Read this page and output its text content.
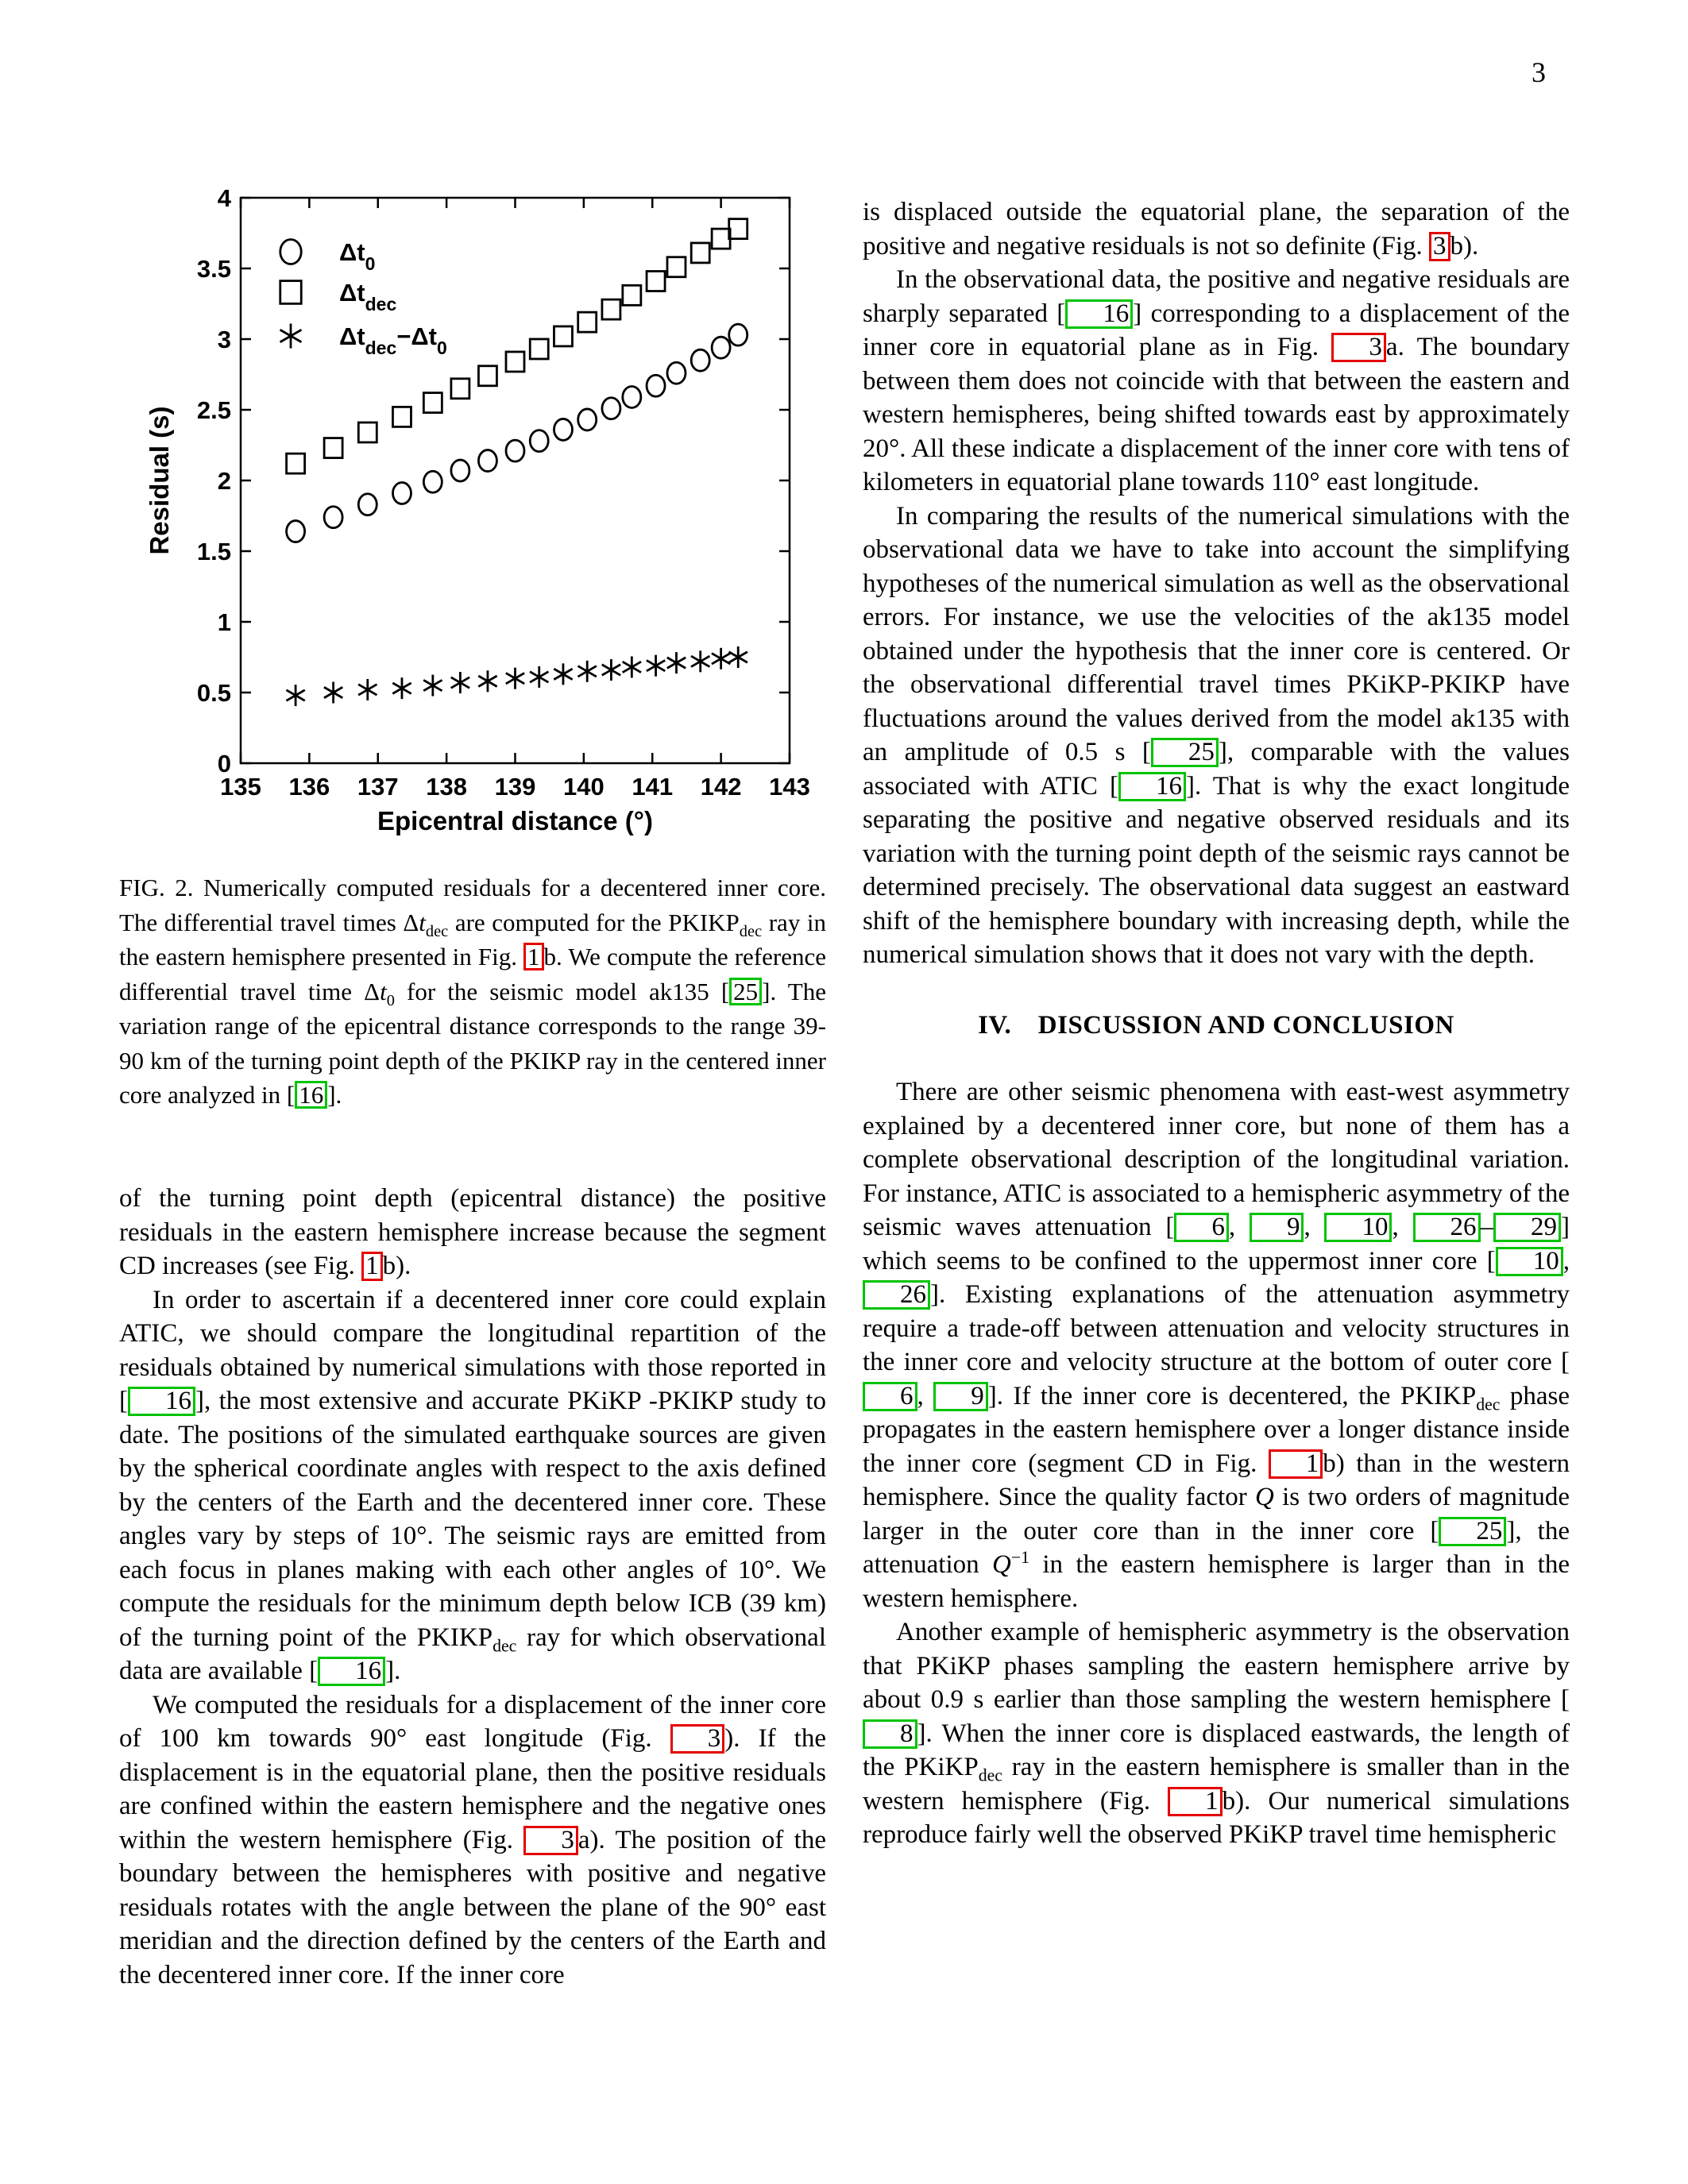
3
135 136 137 138 139 140 141 142 143
0
0.5
1
1.5
2
2.5
3
3.5
4
Epicentral distance (°)
Residual (s)
$\Delta t_0$
$\Delta t_{dec}$
$\Delta t_{dec}-\Delta t_0$
FIG. 2. Numerically computed residuals for a decentered inner core. The differential travel times $\Delta t_{dec}$ are computed for the $PKIKP_{dec}$ ray in the eastern hemisphere presented in Fig. 1 b. We compute the reference differential travel time $\Delta t_0$ for the seismic model ak135 [ 25 ]. The variation range of the epicentral distance corresponds to the range 39-90 km of the turning point depth of the PKIKP ray in the centered inner core analyzed in [ 16 ].

of the turning point depth (epicentral distance) the positive residuals in the eastern hemisphere increase because the segment CD increases (see Fig. 1 b).

In order to ascertain if a decentered inner core could explain ATIC, we should compare the longitudinal repartition of the residuals obtained by numerical simulations with those reported in [ 16 ], the most extensive and accurate PKiKP -PKIKP study to date. The positions of the simulated earthquake sources are given by the spherical coordinate angles with respect to the axis defined by the centers of the Earth and the decentered inner core. These angles vary by steps of 10°. The seismic rays are emitted from each focus in planes making with each other angles of 10°. We compute the residuals for the minimum depth below ICB (39 km) of the turning point of the $PKIKP_{dec}$ ray for which observational data are available [ 16 ].

We computed the residuals for a displacement of the inner core of 100 km towards 90° east longitude (Fig. 3 ). If the displacement is in the equatorial plane, then the positive residuals are confined within the eastern hemisphere and the negative ones within the western hemisphere (Fig. 3 a). The position of the boundary between the hemispheres with positive and negative residuals rotates with the angle between the plane of the 90° east meridian and the direction defined by the centers of the Earth and the decentered inner core. If the inner core

is displaced outside the equatorial plane, the separation of the positive and negative residuals is not so definite (Fig. 3 b).

In the observational data, the positive and negative residuals are sharply separated [ 16 ] corresponding to a displacement of the inner core in equatorial plane as in Fig. 3 a. The boundary between them does not coincide with that between the eastern and western hemispheres, being shifted towards east by approximately 20°. All these indicate a displacement of the inner core with tens of kilometers in equatorial plane towards 110° east longitude.

In comparing the results of the numerical simulations with the observational data we have to take into account the simplifying hypotheses of the numerical simulation as well as the observational errors. For instance, we use the velocities of the ak135 model obtained under the hypothesis that the inner core is centered. Or the observational differential travel times PKiKP-PKIKP have fluctuations around the values derived from the model ak135 with an amplitude of 0.5 s [ 25 ], comparable with the values associated with ATIC [ 16 ]. That is why the exact longitude separating the positive and negative observed residuals and its variation with the turning point depth of the seismic rays cannot be determined precisely. The observational data suggest an eastward shift of the hemisphere boundary with increasing depth, while the numerical simulation shows that it does not vary with the depth.

IV. DISCUSSION AND CONCLUSION

There are other seismic phenomena with east-west asymmetry explained by a decentered inner core, but none of them has a complete observational description of the longitudinal variation. For instance, ATIC is associated to a hemispheric asymmetry of the seismic waves attenuation [ 6 , 9 , 10 , 26 – 29 ] which seems to be confined to the uppermost inner core [ 10 , 26 ]. Existing explanations of the attenuation asymmetry require a trade-off between attenuation and velocity structures in the inner core and velocity structure at the bottom of outer core [6 , 9 ]. If the inner core is decentered, the $PKIKP_{dec}$ phase propagates in the eastern hemisphere over a longer distance inside the inner core (segment CD in Fig. 1 b) than in the western hemisphere. Since the quality factor Q is two orders of magnitude larger in the outer core than in the inner core [ 25 ], the attenuation $Q^{-1}$ in the eastern hemisphere is larger than in the western hemisphere.

Another example of hemispheric asymmetry is the observation that PKiKP phases sampling the eastern hemisphere arrive by about 0.9 s earlier than those sampling the western hemisphere [8 ]. When the inner core is displaced eastwards, the length of the PKiKP$_{dec}$ ray in the eastern hemisphere is smaller than in the western hemisphere (Fig. 1 b). Our numerical simulations reproduce fairly well the observed PKiKP travel time hemispheric
